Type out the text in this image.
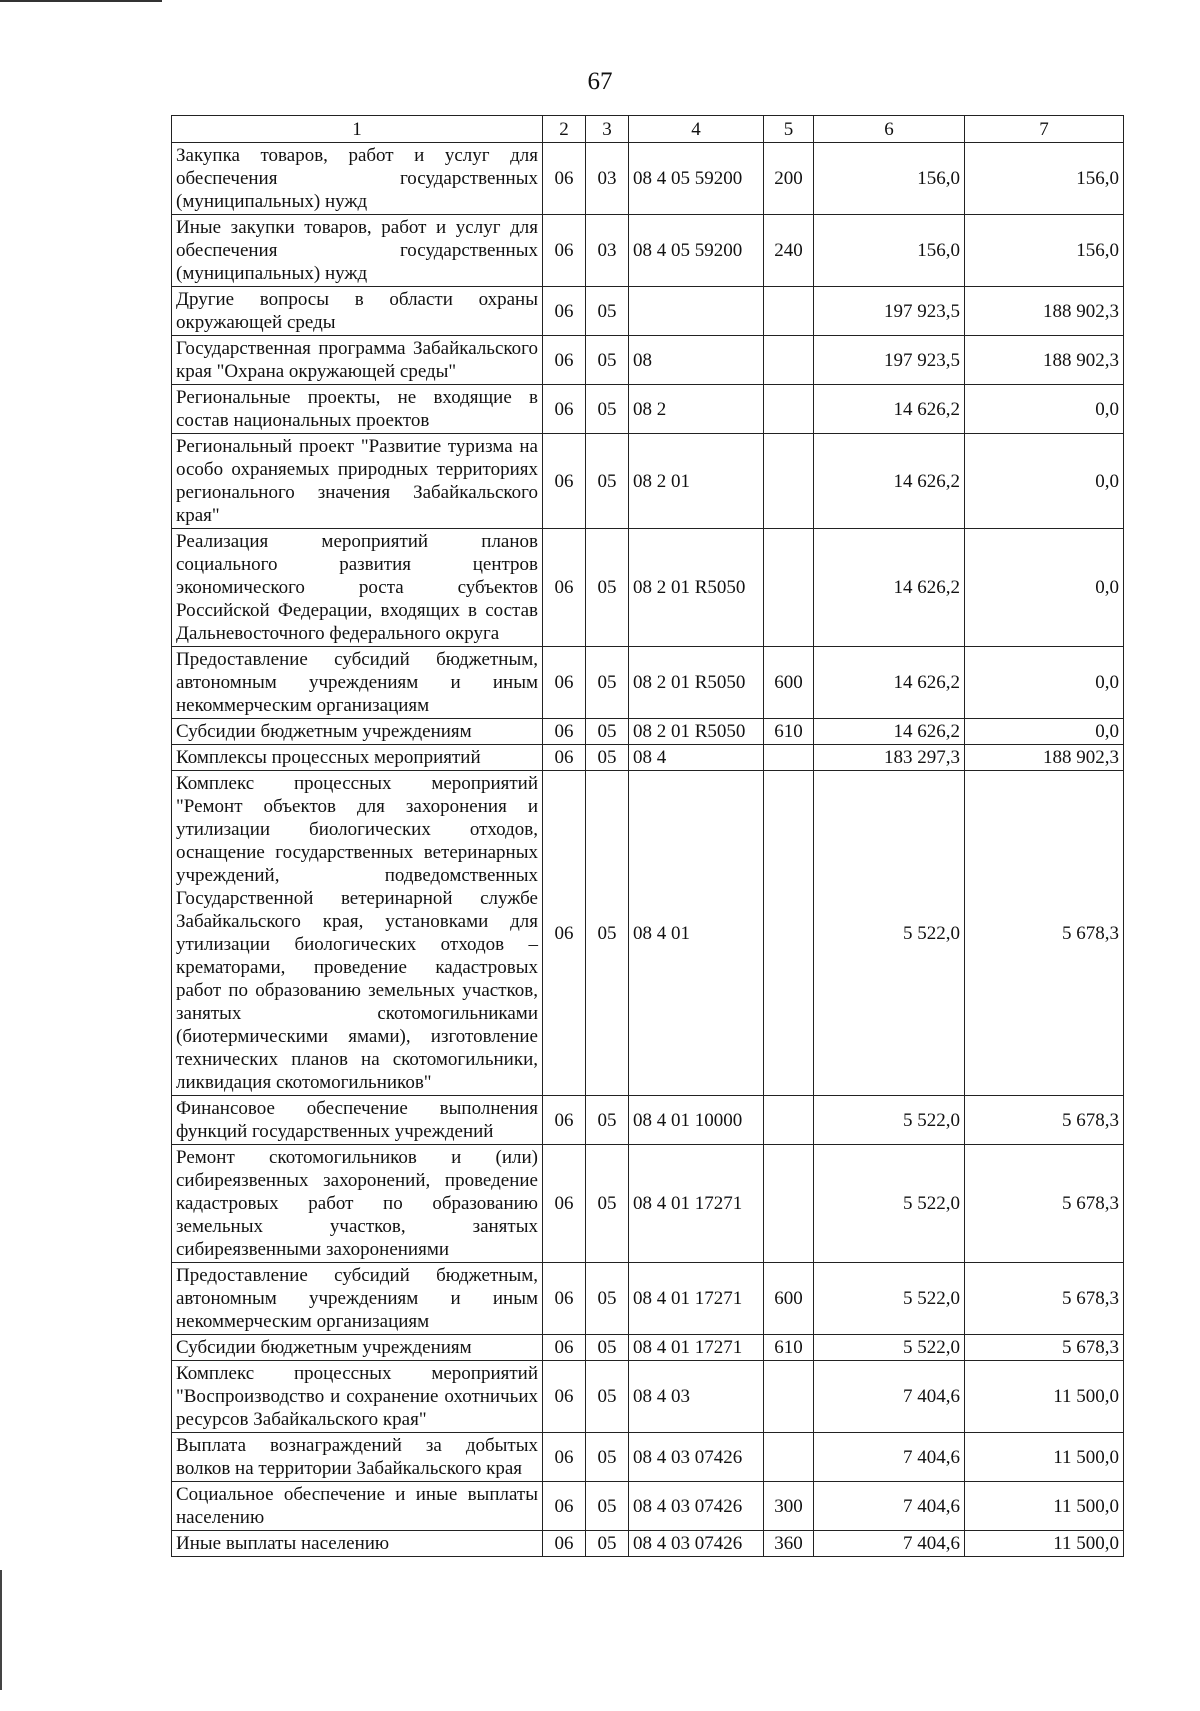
67
1	2	3	4	5	6	7
Закупка товаров, работ и услуг для обеспечения государственных (муниципальных) нужд	06	03	08 4 05 59200	200	156,0	156,0
Иные закупки товаров, работ и услуг для обеспечения государственных (муниципальных) нужд	06	03	08 4 05 59200	240	156,0	156,0
Другие вопросы в области охраны окружающей среды	06	05			197 923,5	188 902,3
Государственная программа Забайкальского края "Охрана окружающей среды"	06	05	08		197 923,5	188 902,3
Региональные проекты, не входящие в состав национальных проектов	06	05	08 2		14 626,2	0,0
Региональный проект "Развитие туризма на особо охраняемых природных территориях регионального значения Забайкальского края"	06	05	08 2 01		14 626,2	0,0
Реализация мероприятий планов социального развития центров экономического роста субъектов Российской Федерации, входящих в состав Дальневосточного федерального округа	06	05	08 2 01 R5050		14 626,2	0,0
Предоставление субсидий бюджетным, автономным учреждениям и иным некоммерческим организациям	06	05	08 2 01 R5050	600	14 626,2	0,0
Субсидии бюджетным учреждениям	06	05	08 2 01 R5050	610	14 626,2	0,0
Комплексы процессных мероприятий	06	05	08 4		183 297,3	188 902,3
Комплекс процессных мероприятий "Ремонт объектов для захоронения и утилизации биологических отходов, оснащение государственных ветеринарных учреждений, подведомственных Государственной ветеринарной службе Забайкальского края, установками для утилизации биологических отходов – крематорами, проведение кадастровых работ по образованию земельных участков, занятых скотомогильниками (биотермическими ямами), изготовление технических планов на скотомогильники, ликвидация скотомогильников"	06	05	08 4 01		5 522,0	5 678,3
Финансовое обеспечение выполнения функций государственных учреждений	06	05	08 4 01 10000		5 522,0	5 678,3
Ремонт скотомогильников и (или) сибиреязвенных захоронений, проведение кадастровых работ по образованию земельных участков, занятых сибиреязвенными захоронениями	06	05	08 4 01 17271		5 522,0	5 678,3
Предоставление субсидий бюджетным, автономным учреждениям и иным некоммерческим организациям	06	05	08 4 01 17271	600	5 522,0	5 678,3
Субсидии бюджетным учреждениям	06	05	08 4 01 17271	610	5 522,0	5 678,3
Комплекс процессных мероприятий "Воспроизводство и сохранение охотничьих ресурсов Забайкальского края"	06	05	08 4 03		7 404,6	11 500,0
Выплата вознаграждений за добытых волков на территории Забайкальского края	06	05	08 4 03 07426		7 404,6	11 500,0
Социальное обеспечение и иные выплаты населению	06	05	08 4 03 07426	300	7 404,6	11 500,0
Иные выплаты населению	06	05	08 4 03 07426	360	7 404,6	11 500,0
